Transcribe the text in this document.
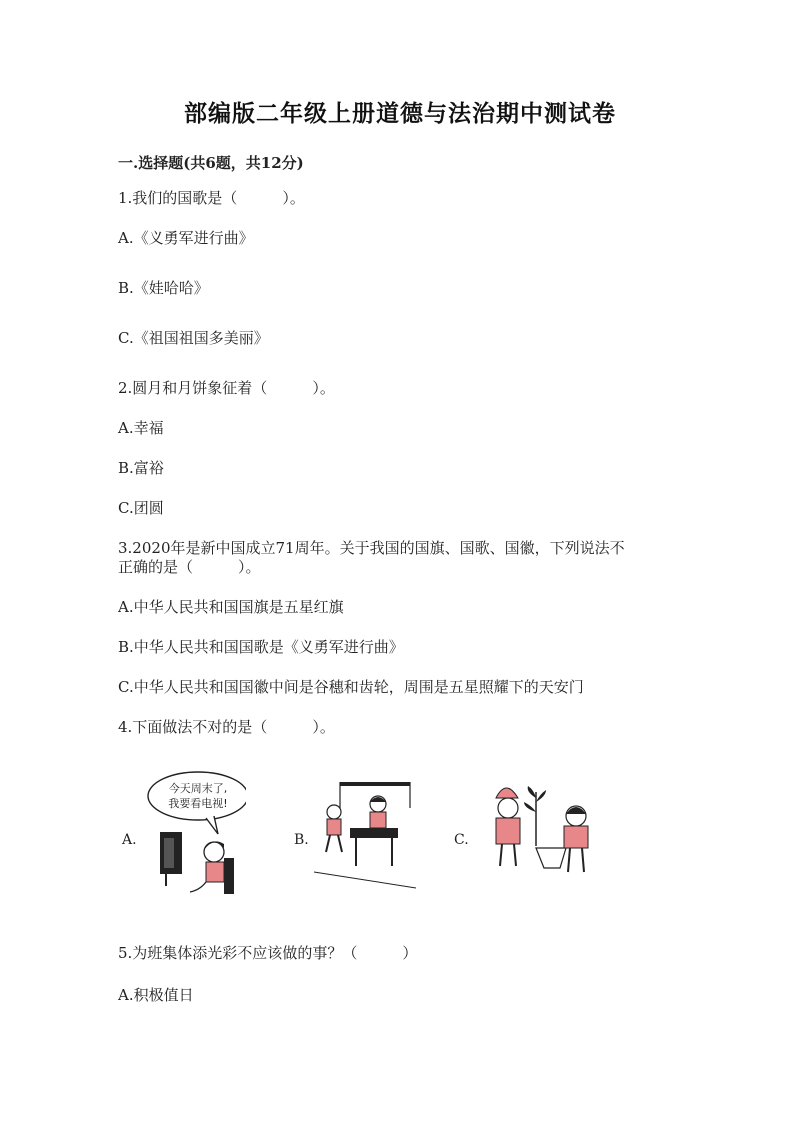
部编版二年级上册道德与法治期中测试卷
一.选择题(共6题，共12分)
1.我们的国歌是（　　　）。
A.《义勇军进行曲》
B.《娃哈哈》
C.《祖国祖国多美丽》
2.圆月和月饼象征着（　　　）。
A.幸福
B.富裕
C.团圆
3.2020年是新中国成立71周年。关于我国的国旗、国歌、国徽，下列说法不
正确的是（　　　）。
A.中华人民共和国国旗是五星红旗
B.中华人民共和国国歌是《义勇军进行曲》
C.中华人民共和国国徽中间是谷穗和齿轮，周围是五星照耀下的天安门
4.下面做法不对的是（　　　）。
A.
今天周末了,
我要看电视!
B.	C.
5.为班集体添光彩不应该做的事？（　　　）
A.积极值日
